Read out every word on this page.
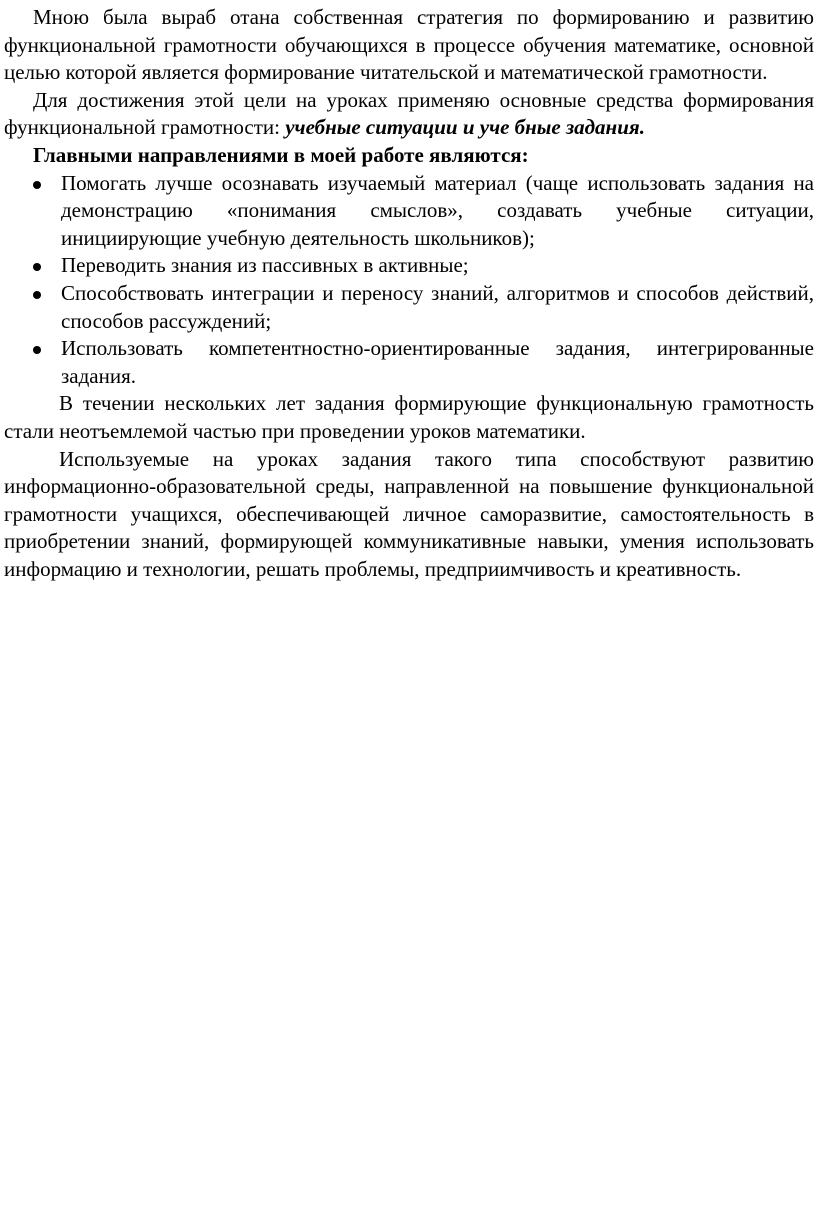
Мною была выраб отана собственная стратегия по формированию и развитию функциональной грамотности обучающихся в процессе обучения математике, основной целью которой является формирование читательской и математической грамотности.

Для достижения этой цели на уроках применяю основные средства формирования функциональной грамотности: учебные ситуации и уче бные задания.

Главными направлениями в моей работе являются:

Помогать лучше осознавать изучаемый материал (чаще использовать задания на демонстрацию «понимания смыслов», создавать учебные ситуации, инициирующие учебную деятельность школьников);
Переводить знания из пассивных в активные;
Способствовать интеграции и переносу знаний, алгоритмов и способов действий, способов рассуждений;
Использовать компетентностно-ориентированные задания, интегрированные задания.

В течении нескольких лет задания формирующие функциональную грамотность стали неотъемлемой частью при проведении уроков математики.

Используемые на уроках задания такого типа способствуют развитию информационно-образовательной среды, направленной на повышение функциональной грамотности учащихся, обеспечивающей личное саморазвитие, самостоятельность в приобретении знаний, формирующей коммуникативные навыки, умения использовать информацию и технологии, решать проблемы, предприимчивость и креативность.
